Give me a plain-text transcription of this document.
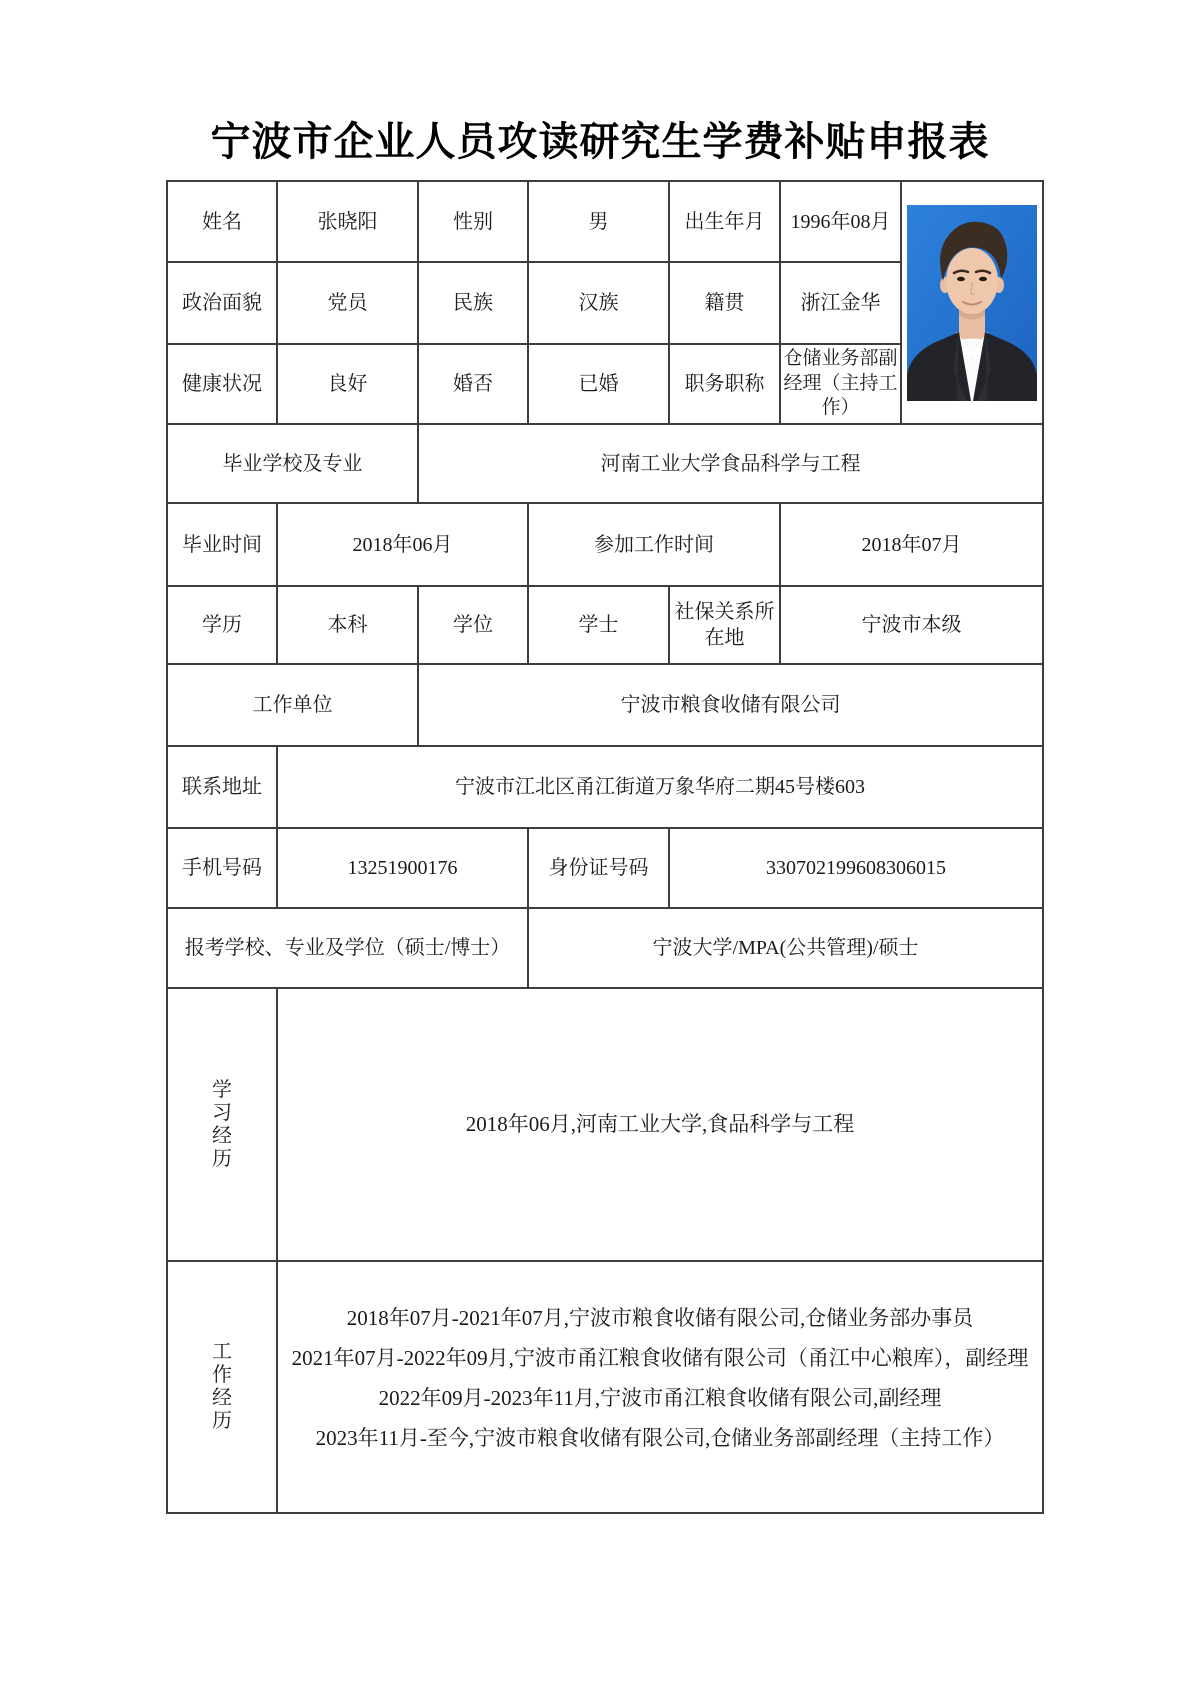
宁波市企业人员攻读研究生学费补贴申报表
姓名	张晓阳	性别	男	出生年月	1996年08月	

政治面貌	党员	民族	汉族	籍贯	浙江金华	
健康状况	良好	婚否	已婚	职务职称	仓储业务部副经理（主持工作）	
毕业学校及专业		河南工业大学食品科学与工程				
毕业时间	2018年06月		参加工作时间		2018年07月	
学历	本科	学位	学士	社保关系所在地	宁波市本级	
工作单位		宁波市粮食收储有限公司				
联系地址	宁波市江北区甬江街道万象华府二期45号楼603					
手机号码	13251900176		身份证号码	330702199608306015		
报考学校、专业及学位（硕士/博士）			宁波大学/MPA(公共管理)/硕士			

学习经历	2018年06月,河南工业大学,食品科学与工程					

工作经历	2018年07月-2021年07月,宁波市粮食收储有限公司,仓储业务部办事员

2021年07月-2022年09月,宁波市甬江粮食收储有限公司（甬江中心粮库），副经理

2022年09月-2023年11月,宁波市甬江粮食收储有限公司,副经理

2023年11月-至今,宁波市粮食收储有限公司,仓储业务部副经理（主持工作）					
